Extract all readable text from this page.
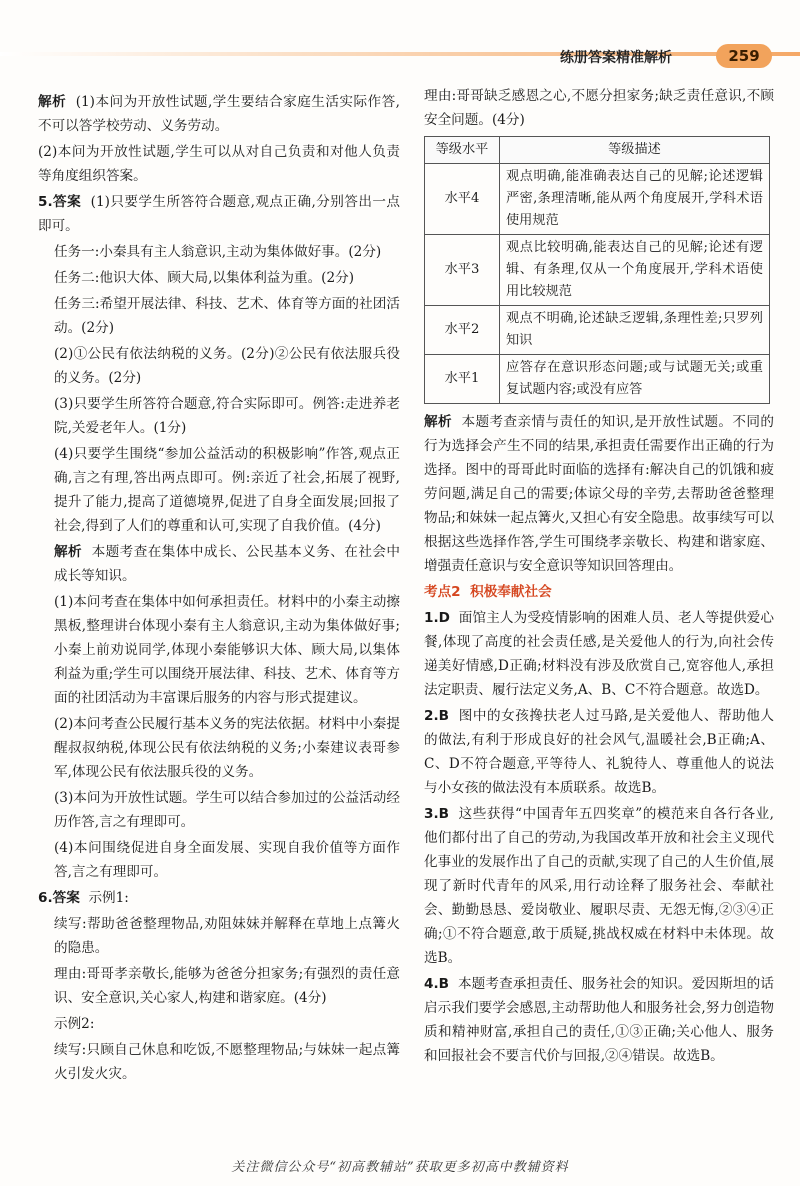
练册答案精准解析	259

解析 (1)本问为开放性试题,学生要结合家庭生活实际作答,不可以答学校劳动、义务劳动。

(2)本问为开放性试题,学生可以从对自己负责和对他人负责等角度组织答案。

5.答案 (1)只要学生所答符合题意,观点正确,分别答出一点即可。

任务一:小秦具有主人翁意识,主动为集体做好事。(2分)

任务二:他识大体、顾大局,以集体利益为重。(2分)

任务三:希望开展法律、科技、艺术、体育等方面的社团活动。(2分)

(2)①公民有依法纳税的义务。(2分)②公民有依法服兵役的义务。(2分)

(3)只要学生所答符合题意,符合实际即可。例答:走进养老院,关爱老年人。(1分)

(4)只要学生围绕“参加公益活动的积极影响”作答,观点正确,言之有理,答出两点即可。例:亲近了社会,拓展了视野,提升了能力,提高了道德境界,促进了自身全面发展;回报了社会,得到了人们的尊重和认可,实现了自我价值。(4分)

解析 本题考查在集体中成长、公民基本义务、在社会中成长等知识。

(1)本问考查在集体中如何承担责任。材料中的小秦主动擦黑板,整理讲台体现小秦有主人翁意识,主动为集体做好事;小秦上前劝说同学,体现小秦能够识大体、顾大局,以集体利益为重;学生可以围绕开展法律、科技、艺术、体育等方面的社团活动为丰富课后服务的内容与形式提建议。

(2)本问考查公民履行基本义务的宪法依据。材料中小秦提醒叔叔纳税,体现公民有依法纳税的义务;小秦建议表哥参军,体现公民有依法服兵役的义务。

(3)本问为开放性试题。学生可以结合参加过的公益活动经历作答,言之有理即可。

(4)本问围绕促进自身全面发展、实现自我价值等方面作答,言之有理即可。

6.答案 示例1:

续写:帮助爸爸整理物品,劝阻妹妹并解释在草地上点篝火的隐患。

理由:哥哥孝亲敬长,能够为爸爸分担家务;有强烈的责任意识、安全意识,关心家人,构建和谐家庭。(4分)

示例2:

续写:只顾自己休息和吃饭,不愿整理物品;与妹妹一起点篝火引发火灾。

理由:哥哥缺乏感恩之心,不愿分担家务;缺乏责任意识,不顾安全问题。(4分)

等级水平	等级描述
水平4	观点明确,能准确表达自己的见解;论述逻辑严密,条理清晰,能从两个角度展开,学科术语使用规范
水平3	观点比较明确,能表达自己的见解;论述有逻辑、有条理,仅从一个角度展开,学科术语使用比较规范
水平2	观点不明确,论述缺乏逻辑,条理性差;只罗列知识
水平1	应答存在意识形态问题;或与试题无关;或重复试题内容;或没有应答

解析 本题考查亲情与责任的知识,是开放性试题。不同的行为选择会产生不同的结果,承担责任需要作出正确的行为选择。图中的哥哥此时面临的选择有:解决自己的饥饿和疲劳问题,满足自己的需要;体谅父母的辛劳,去帮助爸爸整理物品;和妹妹一起点篝火,又担心有安全隐患。故事续写可以根据这些选择作答,学生可围绕孝亲敬长、构建和谐家庭、增强责任意识与安全意识等知识回答理由。

考点2 积极奉献社会

1.D 面馆主人为受疫情影响的困难人员、老人等提供爱心餐,体现了高度的社会责任感,是关爱他人的行为,向社会传递美好情感,D正确;材料没有涉及欣赏自己,宽容他人,承担法定职责、履行法定义务,A、B、C不符合题意。故选D。

2.B 图中的女孩搀扶老人过马路,是关爱他人、帮助他人的做法,有利于形成良好的社会风气,温暖社会,B正确;A、C、D不符合题意,平等待人、礼貌待人、尊重他人的说法与小女孩的做法没有本质联系。故选B。

3.B 这些获得“中国青年五四奖章”的模范来自各行各业,他们都付出了自己的劳动,为我国改革开放和社会主义现代化事业的发展作出了自己的贡献,实现了自己的人生价值,展现了新时代青年的风采,用行动诠释了服务社会、奉献社会、勤勤恳恳、爱岗敬业、履职尽责、无怨无悔,②③④正确;①不符合题意,敢于质疑,挑战权威在材料中未体现。故选B。

4.B 本题考查承担责任、服务社会的知识。爱因斯坦的话启示我们要学会感恩,主动帮助他人和服务社会,努力创造物质和精神财富,承担自己的责任,①③正确;关心他人、服务和回报社会不要言代价与回报,②④错误。故选B。

关注微信公众号“初高教辅站”获取更多初高中教辅资料
